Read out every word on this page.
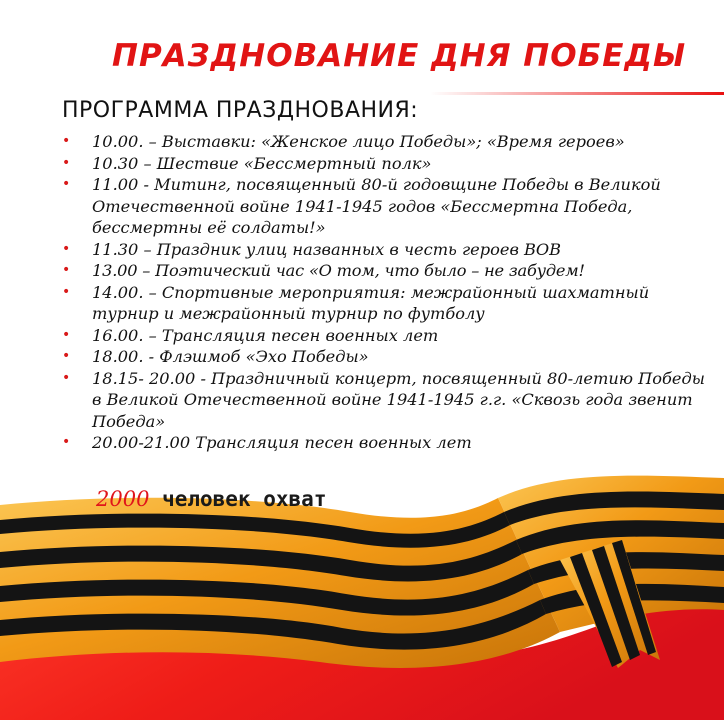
ПРАЗДНОВАНИЕ ДНЯ ПОБЕДЫ
ПРОГРАММА ПРАЗДНОВАНИЯ:
• 10.00. – Выставки: «Женское лицо Победы»; «Время героев»
• 10.30 – Шествие «Бессмертный полк»
• 11.00 - Митинг, посвященный 80-й годовщине Победы в Великой Отечественной войне 1941-1945 годов «Бессмертна Победа, бессмертны её солдаты!»
• 11.30 – Праздник улиц названных в честь героев ВОВ
• 13.00 – Поэтический час «О том, что было – не забудем!
• 14.00. – Спортивные мероприятия: межрайонный шахматный турнир и межрайонный турнир по футболу
• 16.00. – Трансляция песен военных лет
• 18.00. - Флэшмоб «Эхо Победы»
• 18.15- 20.00 - Праздничный концерт, посвященный 80-летию Победы в Великой Отечественной войне 1941-1945 г.г. «Сквозь года звенит Победа»
• 20.00-21.00 Трансляция песен военных лет
2000 человек охват
